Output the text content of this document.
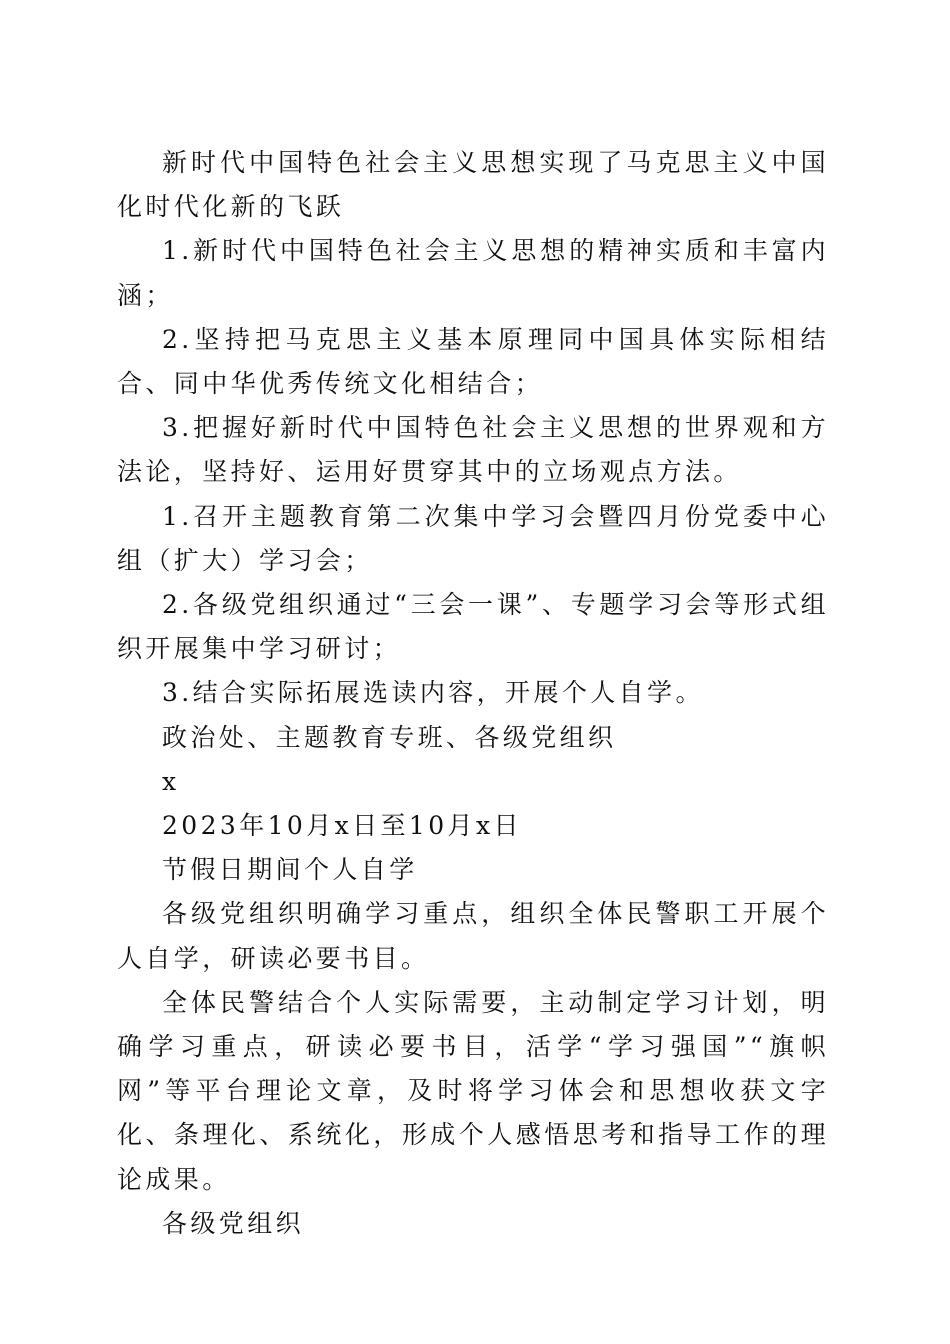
新时代中国特色社会主义思想实现了马克思主义中国化时代化新的飞跃

1.新时代中国特色社会主义思想的精神实质和丰富内涵；

2.坚持把马克思主义基本原理同中国具体实际相结合、同中华优秀传统文化相结合；

3.把握好新时代中国特色社会主义思想的世界观和方法论，坚持好、运用好贯穿其中的立场观点方法。

1.召开主题教育第二次集中学习会暨四月份党委中心组（扩大）学习会；

2.各级党组织通过“三会一课”、专题学习会等形式组织开展集中学习研讨；

3.结合实际拓展选读内容，开展个人自学。

政治处、主题教育专班、各级党组织

x

2023年10月x日至10月x日

节假日期间个人自学

各级党组织明确学习重点，组织全体民警职工开展个人自学，研读必要书目。

全体民警结合个人实际需要，主动制定学习计划，明确学习重点，研读必要书目，活学“学习强国”“旗帜网”等平台理论文章，及时将学习体会和思想收获文字化、条理化、系统化，形成个人感悟思考和指导工作的理论成果。

各级党组织
